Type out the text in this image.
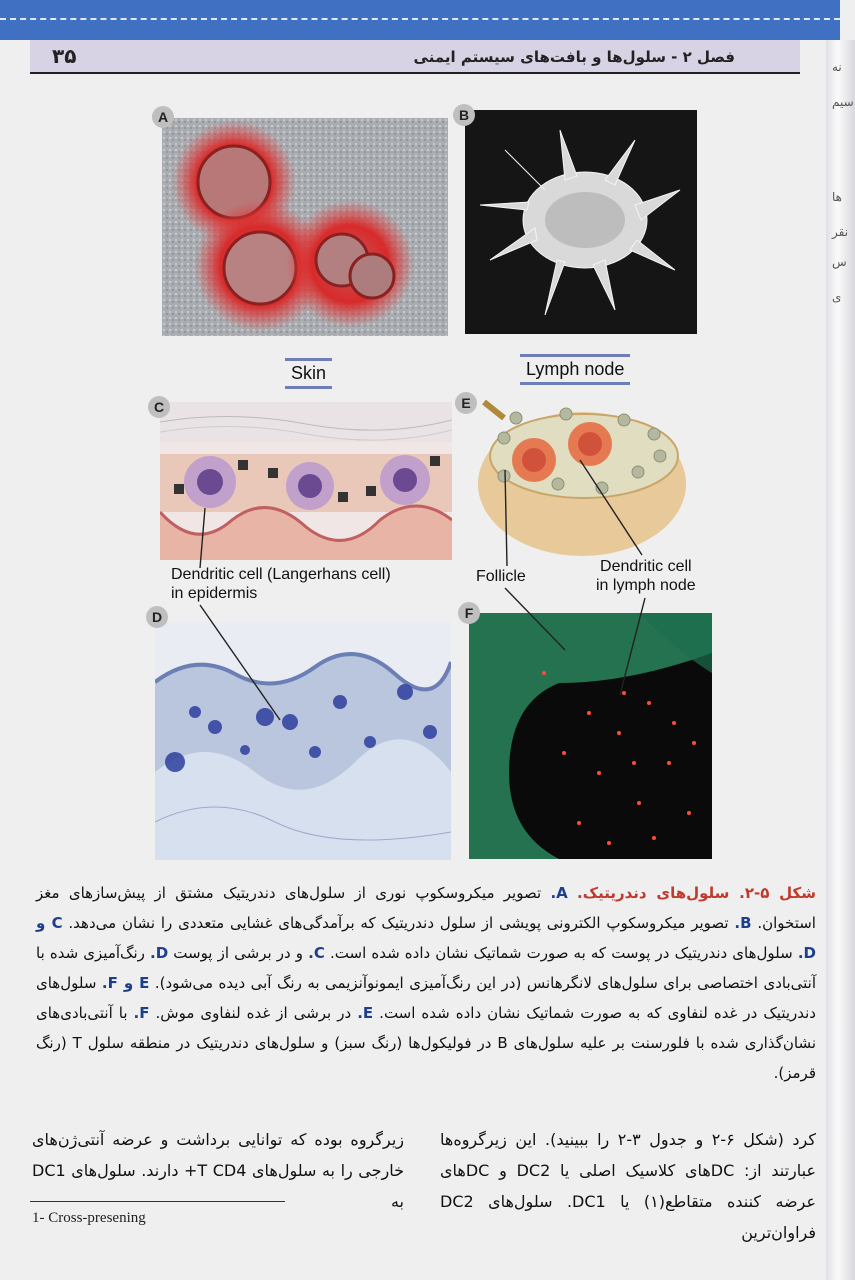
۳۵	فصل ۲ - سلول‌ها و بافت‌های سیستم ایمنی
نه
سیم
ها
نقر
س
ی
A	B
Skin	Lymph node
C	E
Dendritic cell (Langerhans cell)
in epidermis
Follicle
Dendritic cell
in lymph node
D	F
شکل ۵-۲. سلول‌های دندریتیک. A. تصویر میکروسکوپ نوری از سلول‌های دندریتیک مشتق از پیش‌سازهای مغز استخوان. B. تصویر میکروسکوپ الکترونی پویشی از سلول دندریتیک که برآمدگی‌های غشایی متعددی را نشان می‌دهد. C و D. سلول‌های دندریتیک در پوست که به صورت شماتیک نشان داده شده است. C. و در برشی از پوست D. رنگ‌آمیزی شده با آنتی‌بادی اختصاصی برای سلول‌های لانگرهانس (در این رنگ‌آمیزی ایمونوآنزیمی به رنگ آبی دیده می‌شود). E و F. سلول‌های دندریتیک در غده لنفاوی که به صورت شماتیک نشان داده شده است. E. در برشی از غده لنفاوی موش. F. با آنتی‌بادی‌های نشان‌گذاری شده با فلورسنت بر علیه سلول‌های B در فولیکول‌ها (رنگ سبز) و سلول‌های دندریتیک در منطقه سلول T (رنگ قرمز).
کرد (شکل ۶-۲ و جدول ۳-۲ را ببینید). این زیرگروه‌ها عبارتند از: DCهای کلاسیک اصلی یا DC2 و DCهای عرضه کننده متقاطع(۱) یا DC1. سلول‌های DC2 فراوان‌ترین
زیرگروه بوده که توانایی برداشت و عرضه آنتی‌ژن‌های خارجی را به سلول‌های T CD4+ دارند. سلول‌های DC1 به
1- Cross-presening
